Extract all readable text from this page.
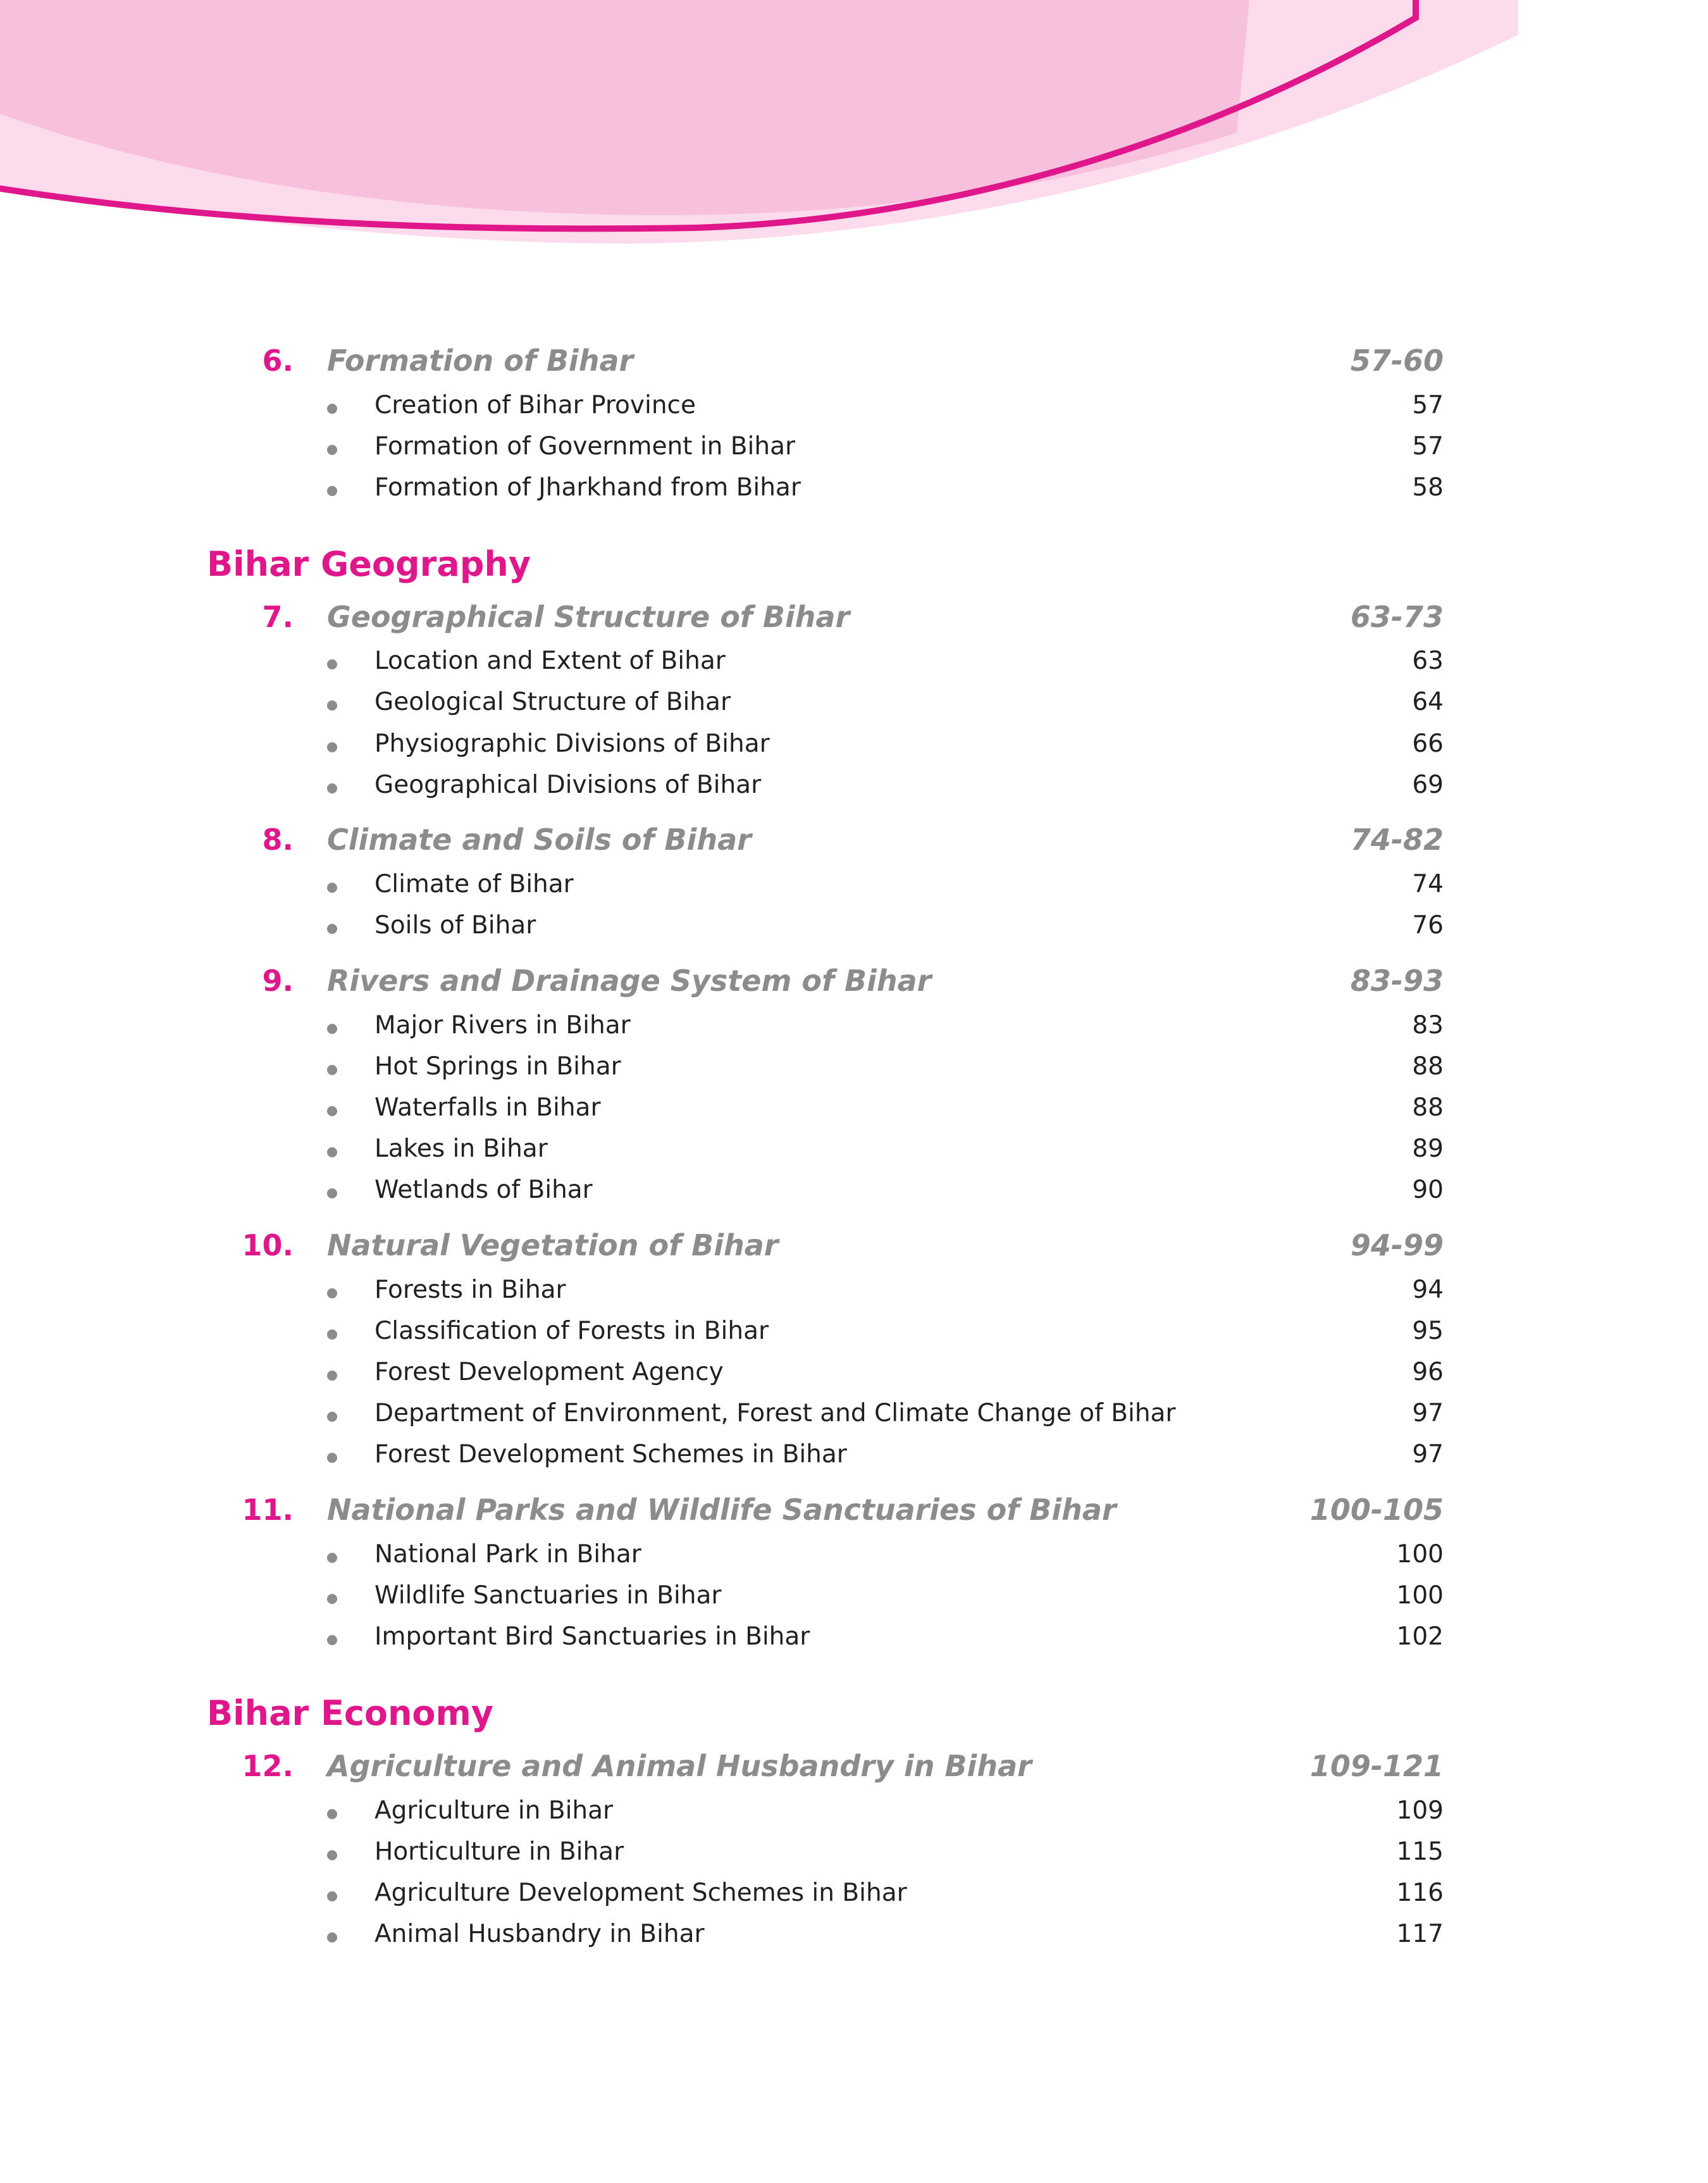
Bihar Geography
Bihar Economy
6. Formation of Bihar	57-60
Creation of Bihar Province	57
Formation of Government in Bihar	57
Formation of Jharkhand from Bihar	58
7. Geographical Structure of Bihar	63-73
Location and Extent of Bihar	63
Geological Structure of Bihar	64
Physiographic Divisions of Bihar	66
Geographical Divisions of Bihar	69
8. Climate and Soils of Bihar	74-82
Climate of Bihar	74
Soils of Bihar	76
9. Rivers and Drainage System of Bihar	83-93
Major Rivers in Bihar	83
Hot Springs in Bihar	88
Waterfalls in Bihar	88
Lakes in Bihar	89
Wetlands of Bihar	90
10. Natural Vegetation of Bihar	94-99
Forests in Bihar	94
Classification of Forests in Bihar	95
Forest Development Agency	96
Department of Environment, Forest and Climate Change of Bihar	97
Forest Development Schemes in Bihar	97
11. National Parks and Wildlife Sanctuaries of Bihar	100-105
National Park in Bihar	100
Wildlife Sanctuaries in Bihar	100
Important Bird Sanctuaries in Bihar	102
12. Agriculture and Animal Husbandry in Bihar	109-121
Agriculture in Bihar	109
Horticulture in Bihar	115
Agriculture Development Schemes in Bihar	116
Animal Husbandry in Bihar	117
